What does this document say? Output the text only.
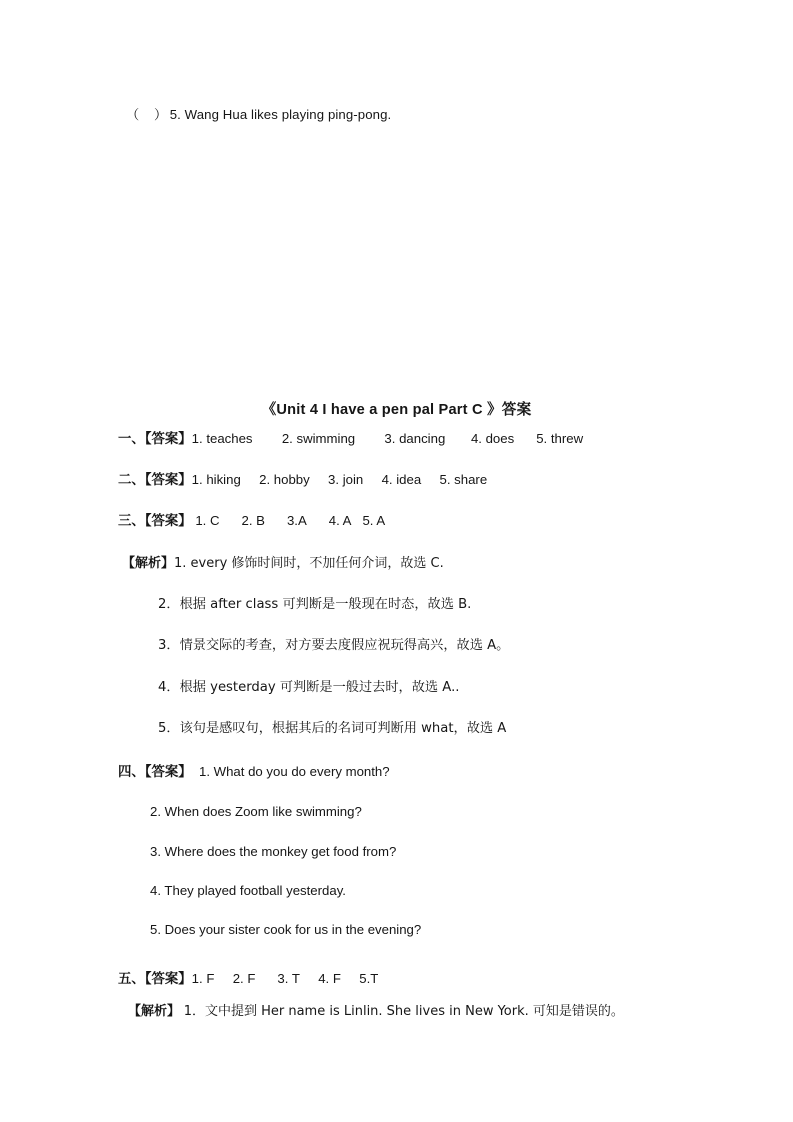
（  ）5. Wang Hua likes playing ping-pong.
《Unit 4 I have a pen pal Part C 》答案
一、【答案】1. teaches 2. swimming 3. dancing 4. does 5. threw
二、【答案】1. hiking 2. hobby 3. join 4. idea 5. share
三、【答案】 1. C 2. B 3.A 4. A 5. A
【解析】1. every 修饰时间时，不加任何介词，故选 C.
2．根据 after class 可判断是一般现在时态，故选 B.
3．情景交际的考查，对方要去度假应祝玩得高兴，故选 A。
4．根据 yesterday 可判断是一般过去时，故选 A..
5．该句是感叹句，根据其后的名词可判断用 what，故选 A
四、【答案】 1. What do you do every month?
2. When does Zoom like swimming?
3. Where does the monkey get food from?
4. They played football yesterday.
5. Does your sister cook for us in the evening?
五、【答案】1. F 2. F 3. T 4. F 5.T
【解析】 1．文中提到 Her name is Linlin. She lives in New York. 可知是错误的。
